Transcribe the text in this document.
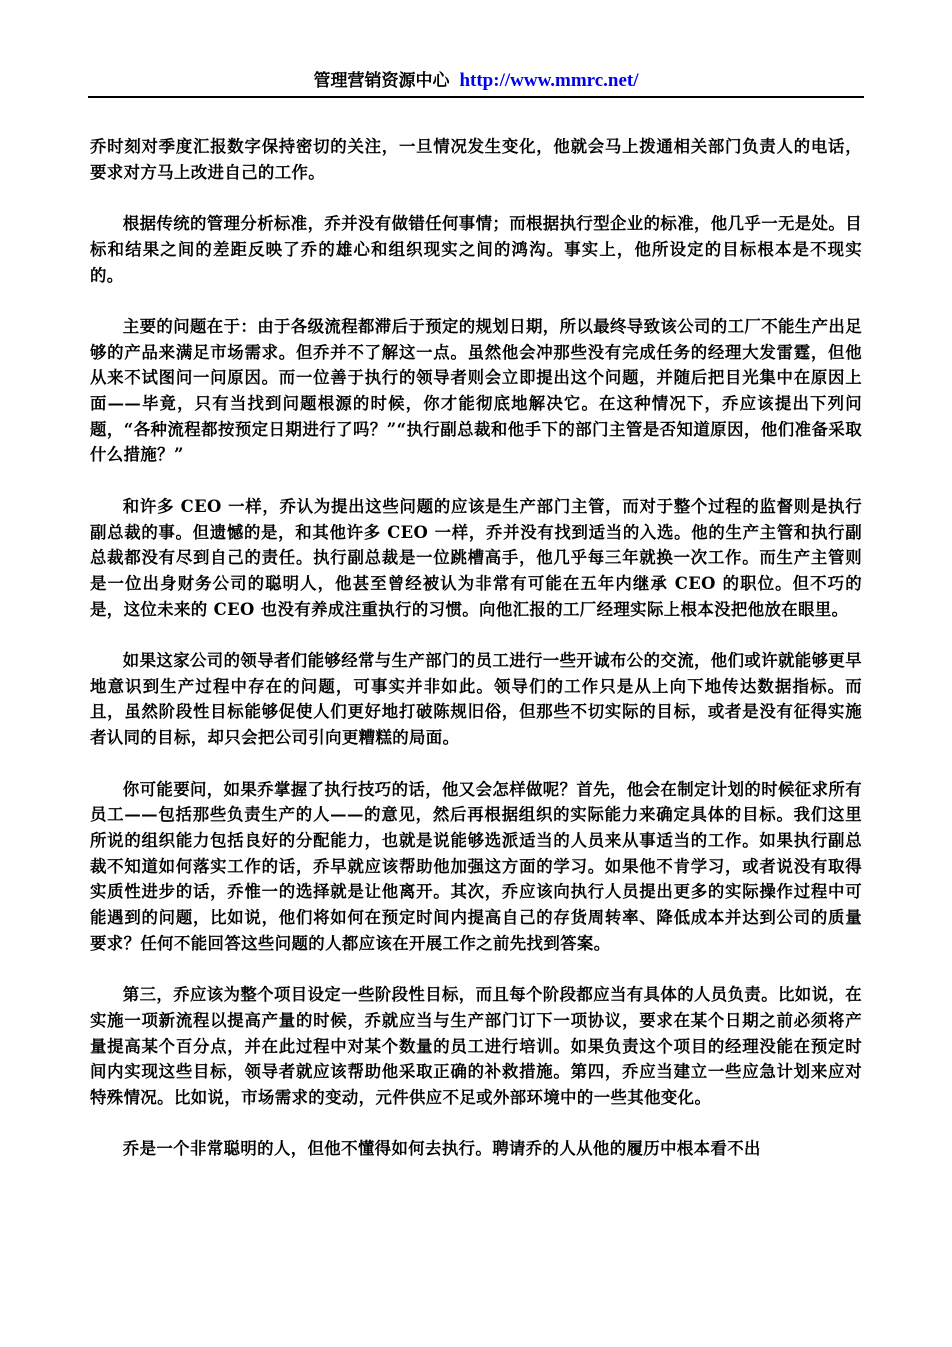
管理营销资源中心 http://www.mmrc.net/

乔时刻对季度汇报数字保持密切的关注，一旦情况发生变化，他就会马上拨通相关部门负责人的电话，要求对方马上改进自己的工作。

根据传统的管理分析标准，乔并没有做错任何事情；而根据执行型企业的标准，他几乎一无是处。目标和结果之间的差距反映了乔的雄心和组织现实之间的鸿沟。事实上，他所设定的目标根本是不现实的。

主要的问题在于：由于各级流程都滞后于预定的规划日期，所以最终导致该公司的工厂不能生产出足够的产品来满足市场需求。但乔并不了解这一点。虽然他会冲那些没有完成任务的经理大发雷霆，但他从来不试图问一问原因。而一位善于执行的领导者则会立即提出这个问题，并随后把目光集中在原因上面——毕竟，只有当找到问题根源的时候，你才能彻底地解决它。在这种情况下，乔应该提出下列问题，“各种流程都按预定日期进行了吗？”“执行副总裁和他手下的部门主管是否知道原因，他们准备采取什么措施？”

和许多 CEO 一样，乔认为提出这些问题的应该是生产部门主管，而对于整个过程的监督则是执行副总裁的事。但遗憾的是，和其他许多 CEO 一样，乔并没有找到适当的入选。他的生产主管和执行副总裁都没有尽到自己的责任。执行副总裁是一位跳槽高手，他几乎每三年就换一次工作。而生产主管则是一位出身财务公司的聪明人，他甚至曾经被认为非常有可能在五年内继承 CEO 的职位。但不巧的是，这位未来的 CEO 也没有养成注重执行的习惯。向他汇报的工厂经理实际上根本没把他放在眼里。

如果这家公司的领导者们能够经常与生产部门的员工进行一些开诚布公的交流，他们或许就能够更早地意识到生产过程中存在的问题，可事实并非如此。领导们的工作只是从上向下地传达数据指标。而且，虽然阶段性目标能够促使人们更好地打破陈规旧俗，但那些不切实际的目标，或者是没有征得实施者认同的目标，却只会把公司引向更糟糕的局面。

你可能要问，如果乔掌握了执行技巧的话，他又会怎样做呢？首先，他会在制定计划的时候征求所有员工——包括那些负责生产的人——的意见，然后再根据组织的实际能力来确定具体的目标。我们这里所说的组织能力包括良好的分配能力，也就是说能够选派适当的人员来从事适当的工作。如果执行副总裁不知道如何落实工作的话，乔早就应该帮助他加强这方面的学习。如果他不肯学习，或者说没有取得实质性进步的话，乔惟一的选择就是让他离开。其次，乔应该向执行人员提出更多的实际操作过程中可能遇到的问题，比如说，他们将如何在预定时间内提高自己的存货周转率、降低成本并达到公司的质量要求？任何不能回答这些问题的人都应该在开展工作之前先找到答案。

第三，乔应该为整个项目设定一些阶段性目标，而且每个阶段都应当有具体的人员负责。比如说，在实施一项新流程以提高产量的时候，乔就应当与生产部门订下一项协议，要求在某个日期之前必须将产量提高某个百分点，并在此过程中对某个数量的员工进行培训。如果负责这个项目的经理没能在预定时间内实现这些目标，领导者就应该帮助他采取正确的补救措施。第四，乔应当建立一些应急计划来应对特殊情况。比如说，市场需求的变动，元件供应不足或外部环境中的一些其他变化。

乔是一个非常聪明的人，但他不懂得如何去执行。聘请乔的人从他的履历中根本看不出
